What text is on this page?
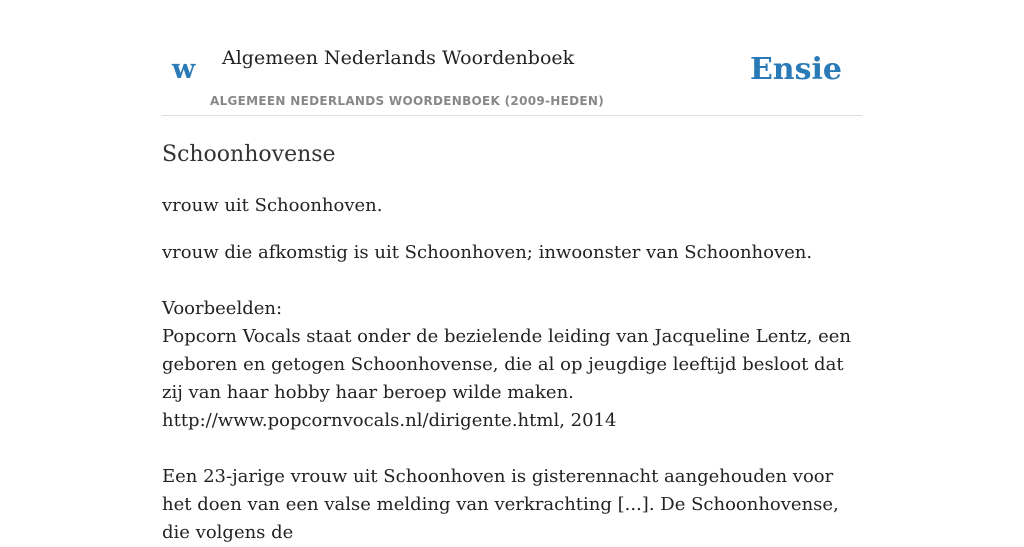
w Algemeen Nederlands Woordenboek
ALGEMEEN NEDERLANDS WOORDENBOEK (2009-HEDEN)
Ensie
Schoonhovense
vrouw uit Schoonhoven.
vrouw die afkomstig is uit Schoonhoven; inwoonster van Schoonhoven.

Voorbeelden:

Popcorn Vocals staat onder de bezielende leiding van Jacqueline Lentz, een geboren en getogen Schoonhovense, die al op jeugdige leeftijd besloot dat zij van haar hobby haar beroep wilde maken.

http://www.popcornvocals.nl/dirigente.html, 2014

Een 23-jarige vrouw uit Schoonhoven is gisterennacht aangehouden voor het doen van een valse melding van verkrachting [...]. De Schoonhovense, die volgens de
